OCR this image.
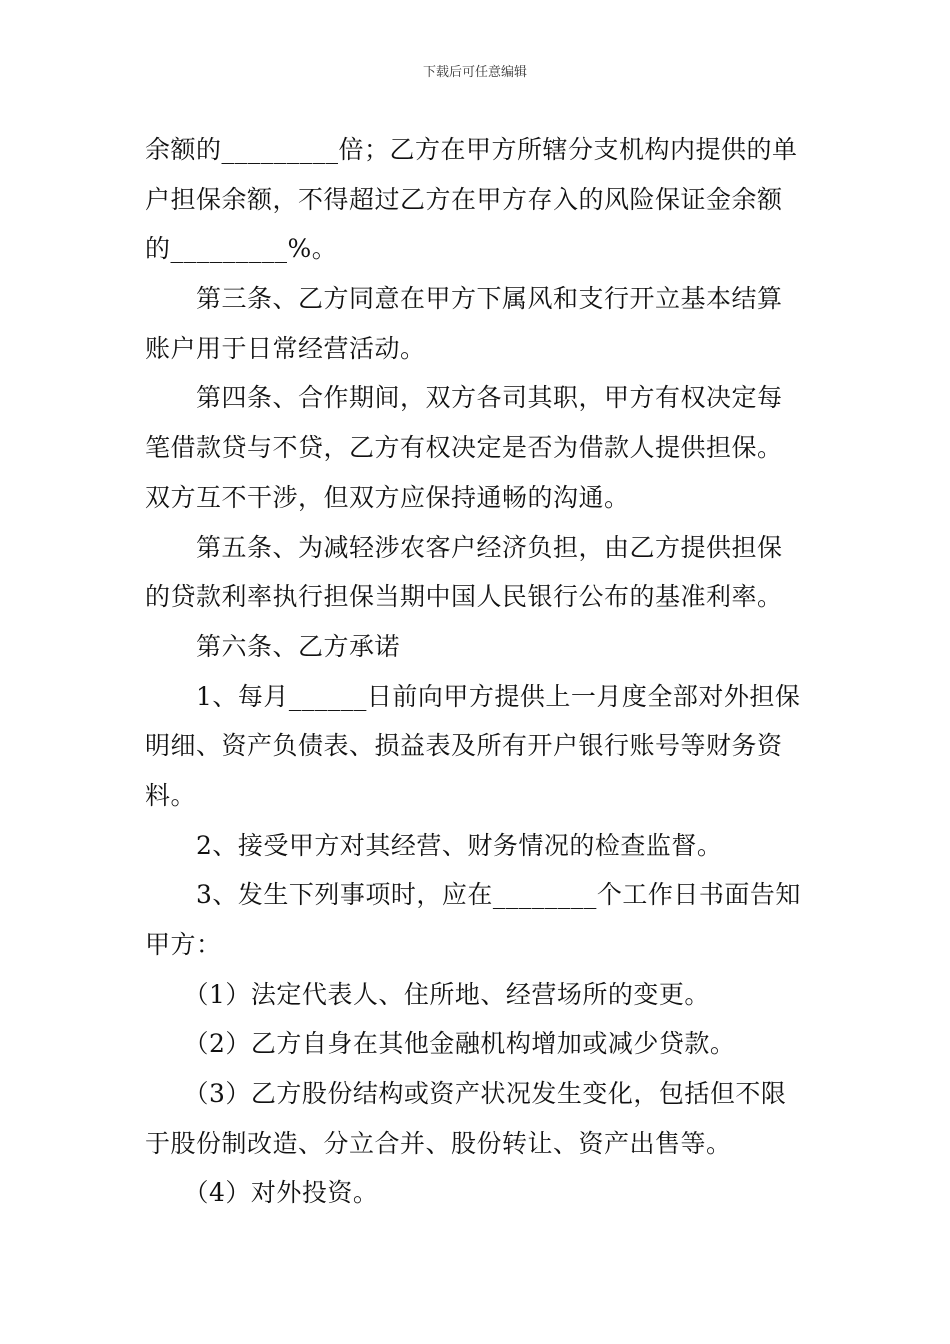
下载后可任意编辑
余额的_________倍；乙方在甲方所辖分支机构内提供的单
户担保余额，不得超过乙方在甲方存入的风险保证金余额
的_________%。
　　第三条、乙方同意在甲方下属风和支行开立基本结算
账户用于日常经营活动。
　　第四条、合作期间，双方各司其职，甲方有权决定每
笔借款贷与不贷，乙方有权决定是否为借款人提供担保。
双方互不干涉，但双方应保持通畅的沟通。
　　第五条、为减轻涉农客户经济负担，由乙方提供担保
的贷款利率执行担保当期中国人民银行公布的基准利率。
　　第六条、乙方承诺
　　1、每月______日前向甲方提供上一月度全部对外担保
明细、资产负债表、损益表及所有开户银行账号等财务资
料。
　　2、接受甲方对其经营、财务情况的检查监督。
　　3、发生下列事项时，应在________个工作日书面告知
甲方：
　　（1）法定代表人、住所地、经营场所的变更。
　　（2）乙方自身在其他金融机构增加或减少贷款。
　　（3）乙方股份结构或资产状况发生变化，包括但不限
于股份制改造、分立合并、股份转让、资产出售等。
　　（4）对外投资。
